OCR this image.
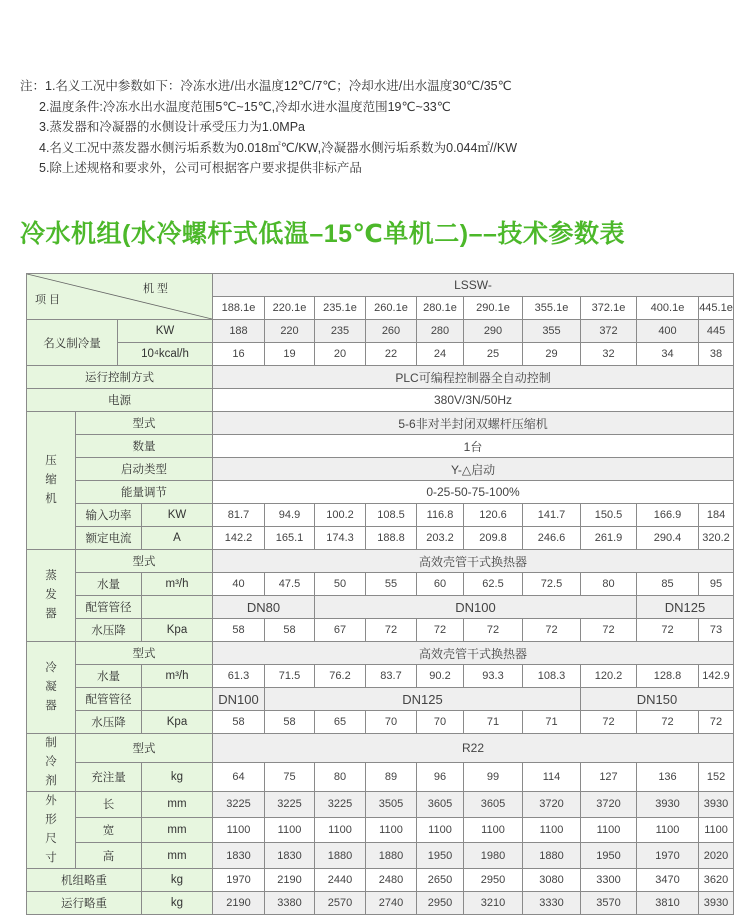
注：1.名义工况中参数如下：冷冻水进/出水温度12℃/7℃；冷却水进/出水温度30℃/35℃
2.温度条件:冷冻水出水温度范围5℃~15℃,冷却水进水温度范围19℃~33℃
3.蒸发器和冷凝器的水侧设计承受压力为1.0MPa
4.名义工况中蒸发器水侧污垢系数为0.018㎡℃/KW,冷凝器水侧污垢系数为0.044㎡//KW
5.除上述规格和要求外，公司可根据客户要求提供非标产品
冷水机组(水冷螺杆式低温–15℃单机二)––技术参数表
项 目
机 型				LSSW-									
				188.1e	220.1e	235.1e	260.1e	280.1e	290.1e	355.1e	372.1e	400.1e	445.1e
名义制冷量		KW		188	220	235	260	280	290	355	372	400	445
		10⁴kcal/h		16	19	20	22	24	25	29	32	34	38
运行控制方式				PLC可编程控制器全自动控制									
电源				380V/3N/50Hz									

压缩机	型式			5-6非对半封闭双螺杆压缩机									
	数量			1台									
	启动类型			Y-△启动									
	能量调节			0-25-50-75-100%									
	输入功率		KW	81.7	94.9	100.2	108.5	116.8	120.6	141.7	150.5	166.9	184
	额定电流		A	142.2	165.1	174.3	188.8	203.2	209.8	246.6	261.9	290.4	320.2

蒸发器	型式			高效壳管干式换热器									
	水量		m³/h	40	47.5	50	55	60	62.5	72.5	80	85	95
	配管管径			DN80		DN100						DN125	
	水压降		Kpa	58	58	67	72	72	72	72	72	72	73

冷凝器	型式			高效壳管干式换热器									
	水量		m³/h	61.3	71.5	76.2	83.7	90.2	93.3	108.3	120.2	128.8	142.9
	配管管径			DN100	DN125						DN150		
	水压降		Kpa	58	58	65	70	70	71	71	72	72	72

制冷剂	型式			R22									
	充注量		kg	64	75	80	89	96	99	114	127	136	152

外形尺寸	长		mm	3225	3225	3225	3505	3605	3605	3720	3720	3930	3930
	宽		mm	1100	1100	1100	1100	1100	1100	1100	1100	1100	1100
	高		mm	1830	1830	1880	1880	1950	1980	1880	1950	1970	2020
机组略重			kg	1970	2190	2440	2480	2650	2950	3080	3300	3470	3620
运行略重			kg	2190	3380	2570	2740	2950	3210	3330	3570	3810	3930
